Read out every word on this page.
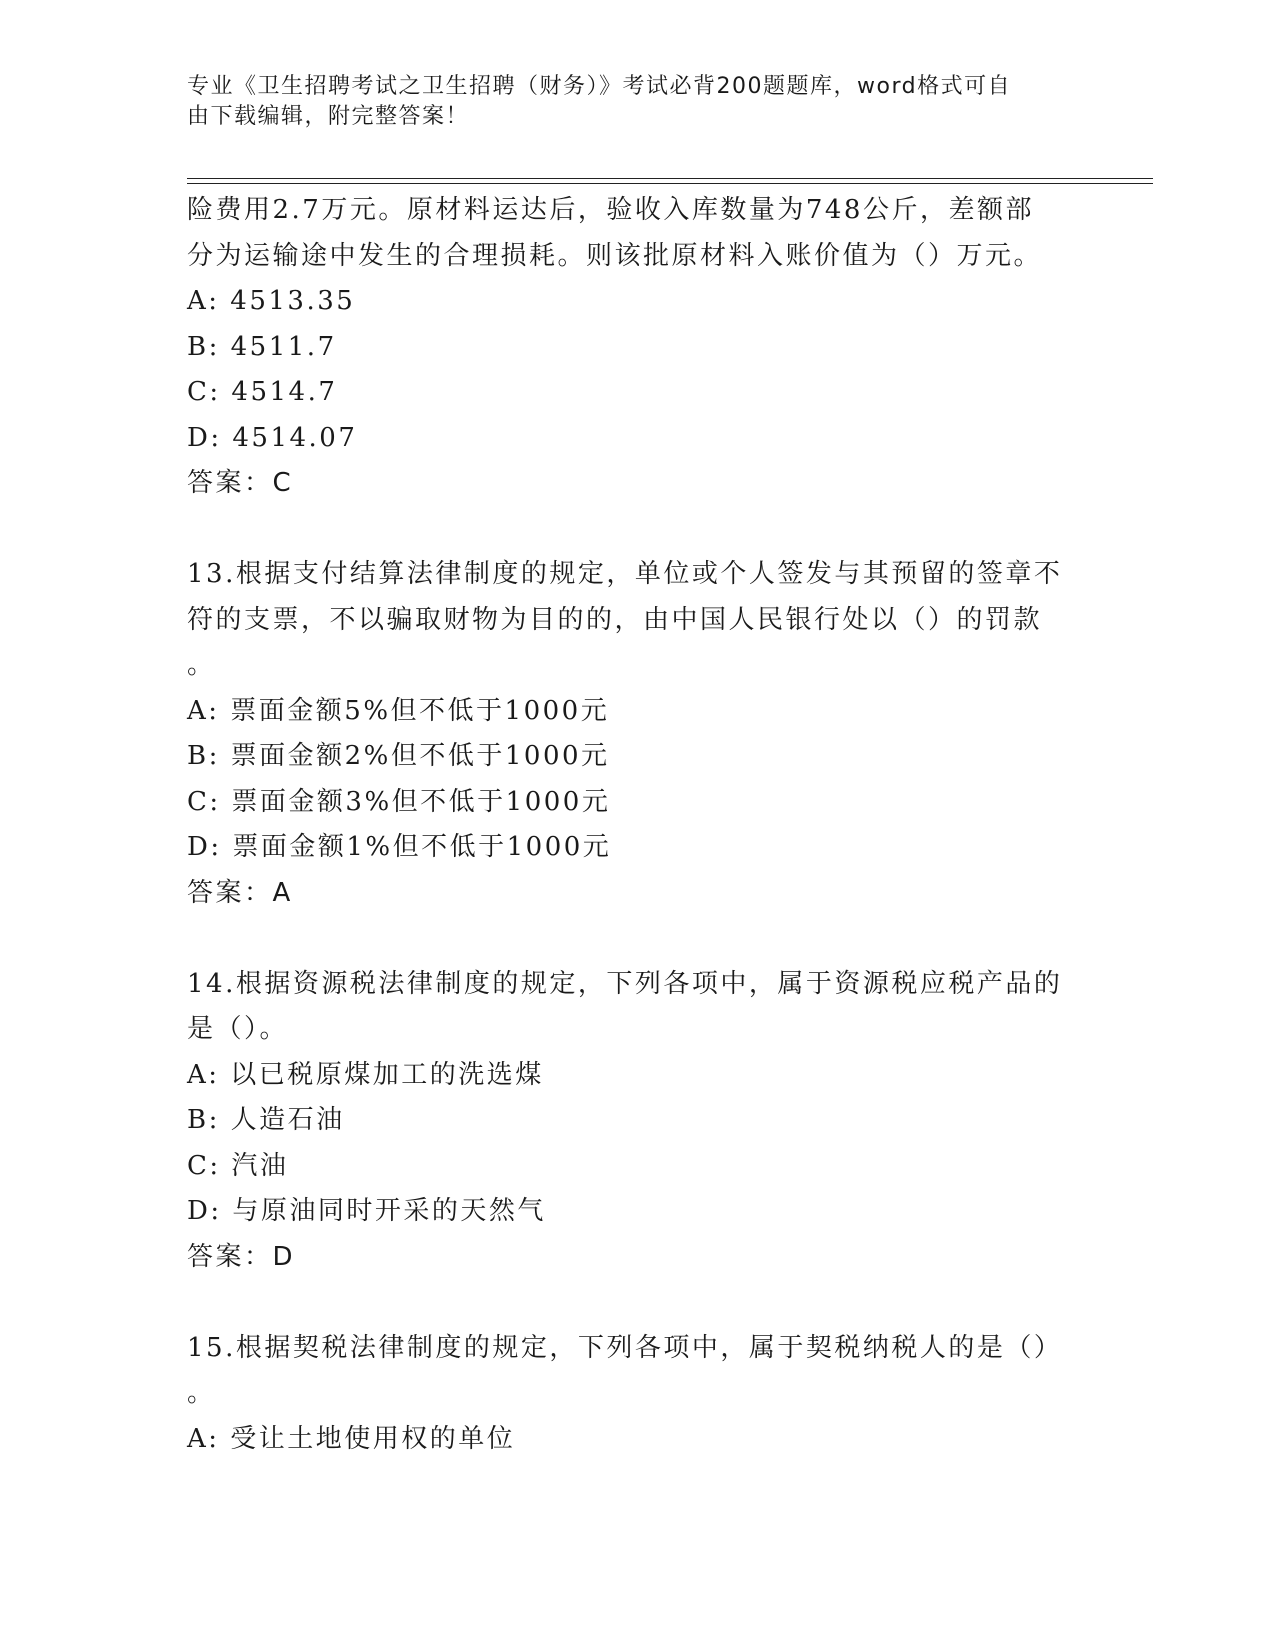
专业《卫生招聘考试之卫生招聘（财务）》考试必背200题题库，word格式可自
由下载编辑，附完整答案！
险费用2.7万元。原材料运达后，验收入库数量为748公斤，差额部
分为运输途中发生的合理损耗。则该批原材料入账价值为（）万元。
A: 4513.35
B: 4511.7
C: 4514.7
D: 4514.07
答案：C
13.根据支付结算法律制度的规定，单位或个人签发与其预留的签章不
符的支票，不以骗取财物为目的的，由中国人民银行处以（）的罚款
。
A: 票面金额5%但不低于1000元
B: 票面金额2%但不低于1000元
C: 票面金额3%但不低于1000元
D: 票面金额1%但不低于1000元
答案：A
14.根据资源税法律制度的规定，下列各项中，属于资源税应税产品的
是（）。
A: 以已税原煤加工的洗选煤
B: 人造石油
C: 汽油
D: 与原油同时开采的天然气
答案：D
15.根据契税法律制度的规定，下列各项中，属于契税纳税人的是（）
。
A: 受让土地使用权的单位
